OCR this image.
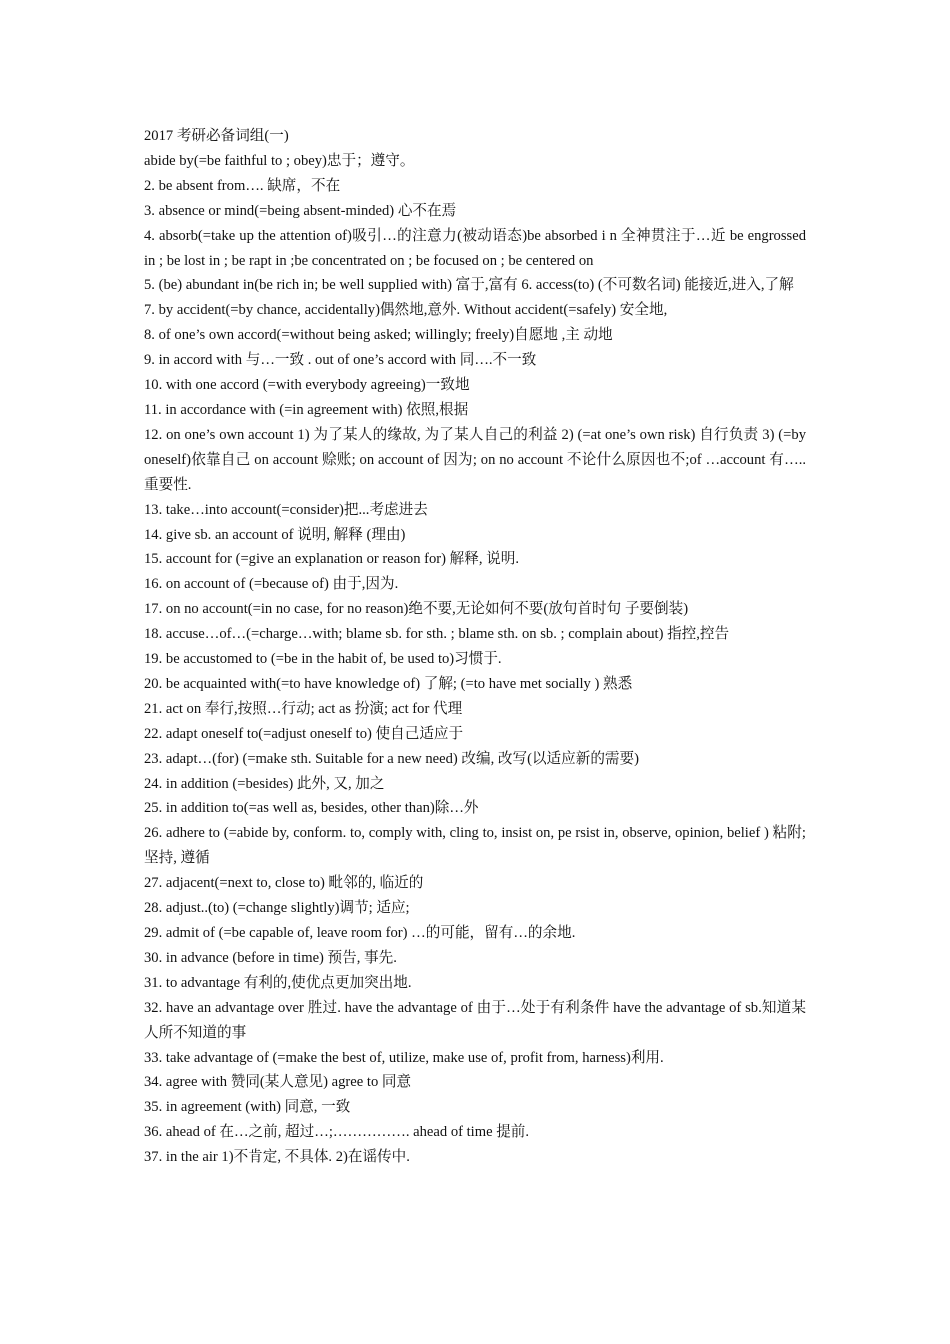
2017 考研必备词组(一)

abide by(=be faithful to ; obey)忠于；遵守。

2. be absent from…. 缺席，不在

3. absence or mind(=being absent-minded) 心不在焉

4. absorb(=take up the attention of)吸引…的注意力(被动语态)be absorbed i n 全神贯注于…近 be engrossed in ; be lost in ; be rapt in ;be concentrated on ; be focused on ; be centered on

5. (be) abundant in(be rich in; be well supplied with) 富于,富有 6. access(to) (不可数名词) 能接近,进入,了解

7. by accident(=by chance, accidentally)偶然地,意外. Without accident(=safely) 安全地,

8. of one’s own accord(=without being asked; willingly; freely)自愿地 ,主 动地

9. in accord with 与…一致 . out of one’s accord with 同….不一致

10. with one accord (=with everybody agreeing)一致地

11. in accordance with (=in agreement with) 依照,根据

12. on one’s own account 1) 为了某人的缘故, 为了某人自己的利益 2) (=at one’s own risk) 自行负责 3) (=by oneself)依靠自己 on account 赊账; on account of 因为; on no account 不论什么原因也不;of …account 有…..重要性.

13. take…into account(=consider)把...考虑进去

14. give sb. an account of 说明, 解释 (理由)

15. account for (=give an explanation or reason for) 解释, 说明.

16. on account of (=because of) 由于,因为.

17. on no account(=in no case, for no reason)绝不要,无论如何不要(放句首时句 子要倒装)

18. accuse…of…(=charge…with; blame sb. for sth. ; blame sth. on sb. ; complain about) 指控,控告

19. be accustomed to (=be in the habit of, be used to)习惯于.

20. be acquainted with(=to have knowledge of) 了解; (=to have met socially ) 熟悉

21. act on 奉行,按照…行动; act as 扮演; act for 代理

22. adapt oneself to(=adjust oneself to) 使自己适应于

23. adapt…(for) (=make sth. Suitable for a new need) 改编, 改写(以适应新的需要)

24. in addition (=besides) 此外, 又, 加之

25. in addition to(=as well as, besides, other than)除…外

26. adhere to (=abide by, conform. to, comply with, cling to, insist on, pe rsist in, observe, opinion, belief ) 粘附; 坚持, 遵循

27. adjacent(=next to, close to) 毗邻的, 临近的

28. adjust..(to) (=change slightly)调节; 适应;

29. admit of (=be capable of, leave room for) …的可能，留有…的余地.

30. in advance (before in time) 预告, 事先.

31. to advantage 有利的,使优点更加突出地.

32. have an advantage over 胜过. have the advantage of 由于…处于有利条件 have the advantage of sb.知道某人所不知道的事

33. take advantage of (=make the best of, utilize, make use of, profit from, harness)利用.

34. agree with 赞同(某人意见) agree to 同意

35. in agreement (with) 同意, 一致

36. ahead of 在…之前, 超过…;……………. ahead of time 提前.

37. in the air 1)不肯定, 不具体. 2)在谣传中.
